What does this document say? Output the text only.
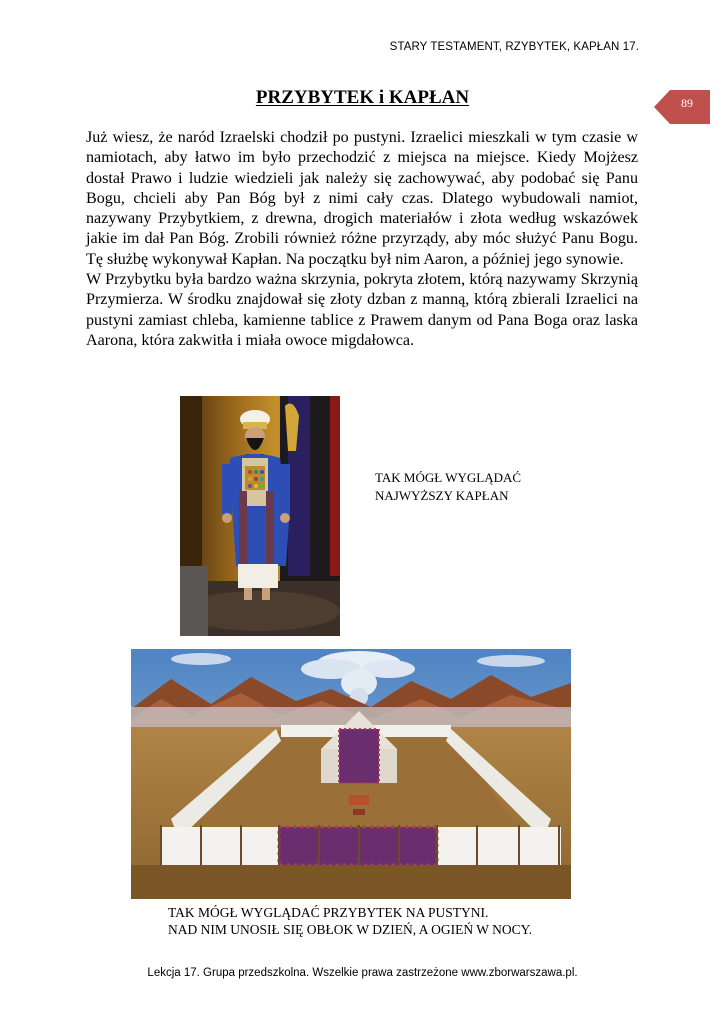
STARY TESTAMENT, RZYBYTEK, KAPŁAN 17.
89
PRZYBYTEK i KAPŁAN

Już wiesz, że naród Izraelski chodził po pustyni. Izraelici mieszkali w tym czasie w namiotach, aby łatwo im było przechodzić z miejsca na miejsce. Kiedy Mojżesz dostał Prawo i ludzie wiedzieli jak należy się zachowywać, aby podobać się Panu Bogu, chcieli aby Pan Bóg był z nimi cały czas. Dlatego wybudowali namiot, nazywany Przybytkiem, z drewna, drogich materiałów i złota według wskazówek jakie im dał Pan Bóg. Zrobili również różne przyrządy, aby móc służyć Panu Bogu. Tę służbę wykonywał Kapłan. Na początku był nim Aaron, a później jego synowie.

W Przybytku była bardzo ważna skrzynia, pokryta złotem, którą nazywamy Skrzynią Przymierza. W środku znajdował się złoty dzban z manną, którą zbierali Izraelici na pustyni zamiast chleba, kamienne tablice z Prawem danym od Pana Boga oraz laska Aarona, która zakwitła i miała owoce migdałowca.

TAK MÓGŁ WYGLĄDAĆ
NAJWYŻSZY KAPŁAN
TAK MÓGŁ WYGLĄDAĆ PRZYBYTEK NA PUSTYNI.
NAD NIM UNOSIŁ SIĘ OBŁOK W DZIEŃ, A OGIEŃ W NOCY.
Lekcja 17. Grupa przedszkolna. Wszelkie prawa zastrzeżone www.zborwarszawa.pl.
